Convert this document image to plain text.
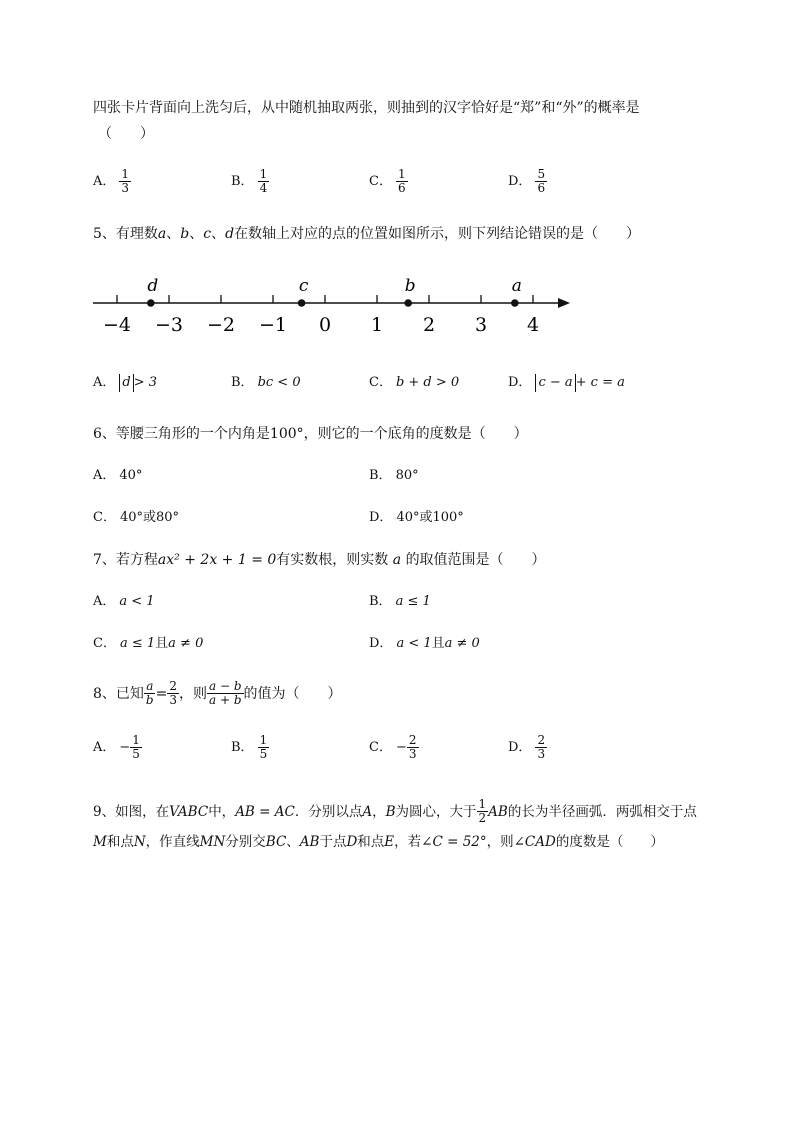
四张卡片背面向上洗匀后，从中随机抽取两张，则抽到的汉字恰好是“郑”和“外”的概率是
（　　）
A． $\frac{1}{3}$	B． $\frac{1}{4}$	C． $\frac{1}{6}$	D． $\frac{5}{6}$
5、有理数a、b、c、d在数轴上对应的点的位置如图所示，则下列结论错误的是（　　）
−4 −3 −2 −1 0 1 2 3 4
d	c	b	a
A． d > 3	B． bc < 0	C． b + d > 0	D． c − a + c = a
6、等腰三角形的一个内角是100°，则它的一个底角的度数是（　　）
A． 40°	B． 80°
C． 40°或80°	D． 40°或100°
7、若方程ax² + 2x + 1 = 0有实数根，则实数 a 的取值范围是（　　）
A． a < 1	B． a ≤ 1
C． a ≤ 1 且 a ≠ 0	D． a < 1 且 a ≠ 0
8、已知 $\frac{a}{b} = \frac{2}{3}$ ，则 $\frac{a - b}{a + b}$ 的值为（　　）
A． − $\frac{1}{5}$	B． $\frac{1}{5}$	C． − $\frac{2}{3}$	D． $\frac{2}{3}$
9、如图，在 VABC 中， AB = AC ．分别以点 A ， B 为圆心，大于 $\frac{1}{2}$ AB 的长为半径画弧．两弧相交于点
M和点N，作直线MN分别交BC、AB于点D和点E，若∠C = 52°，则∠CAD的度数是（　　）
